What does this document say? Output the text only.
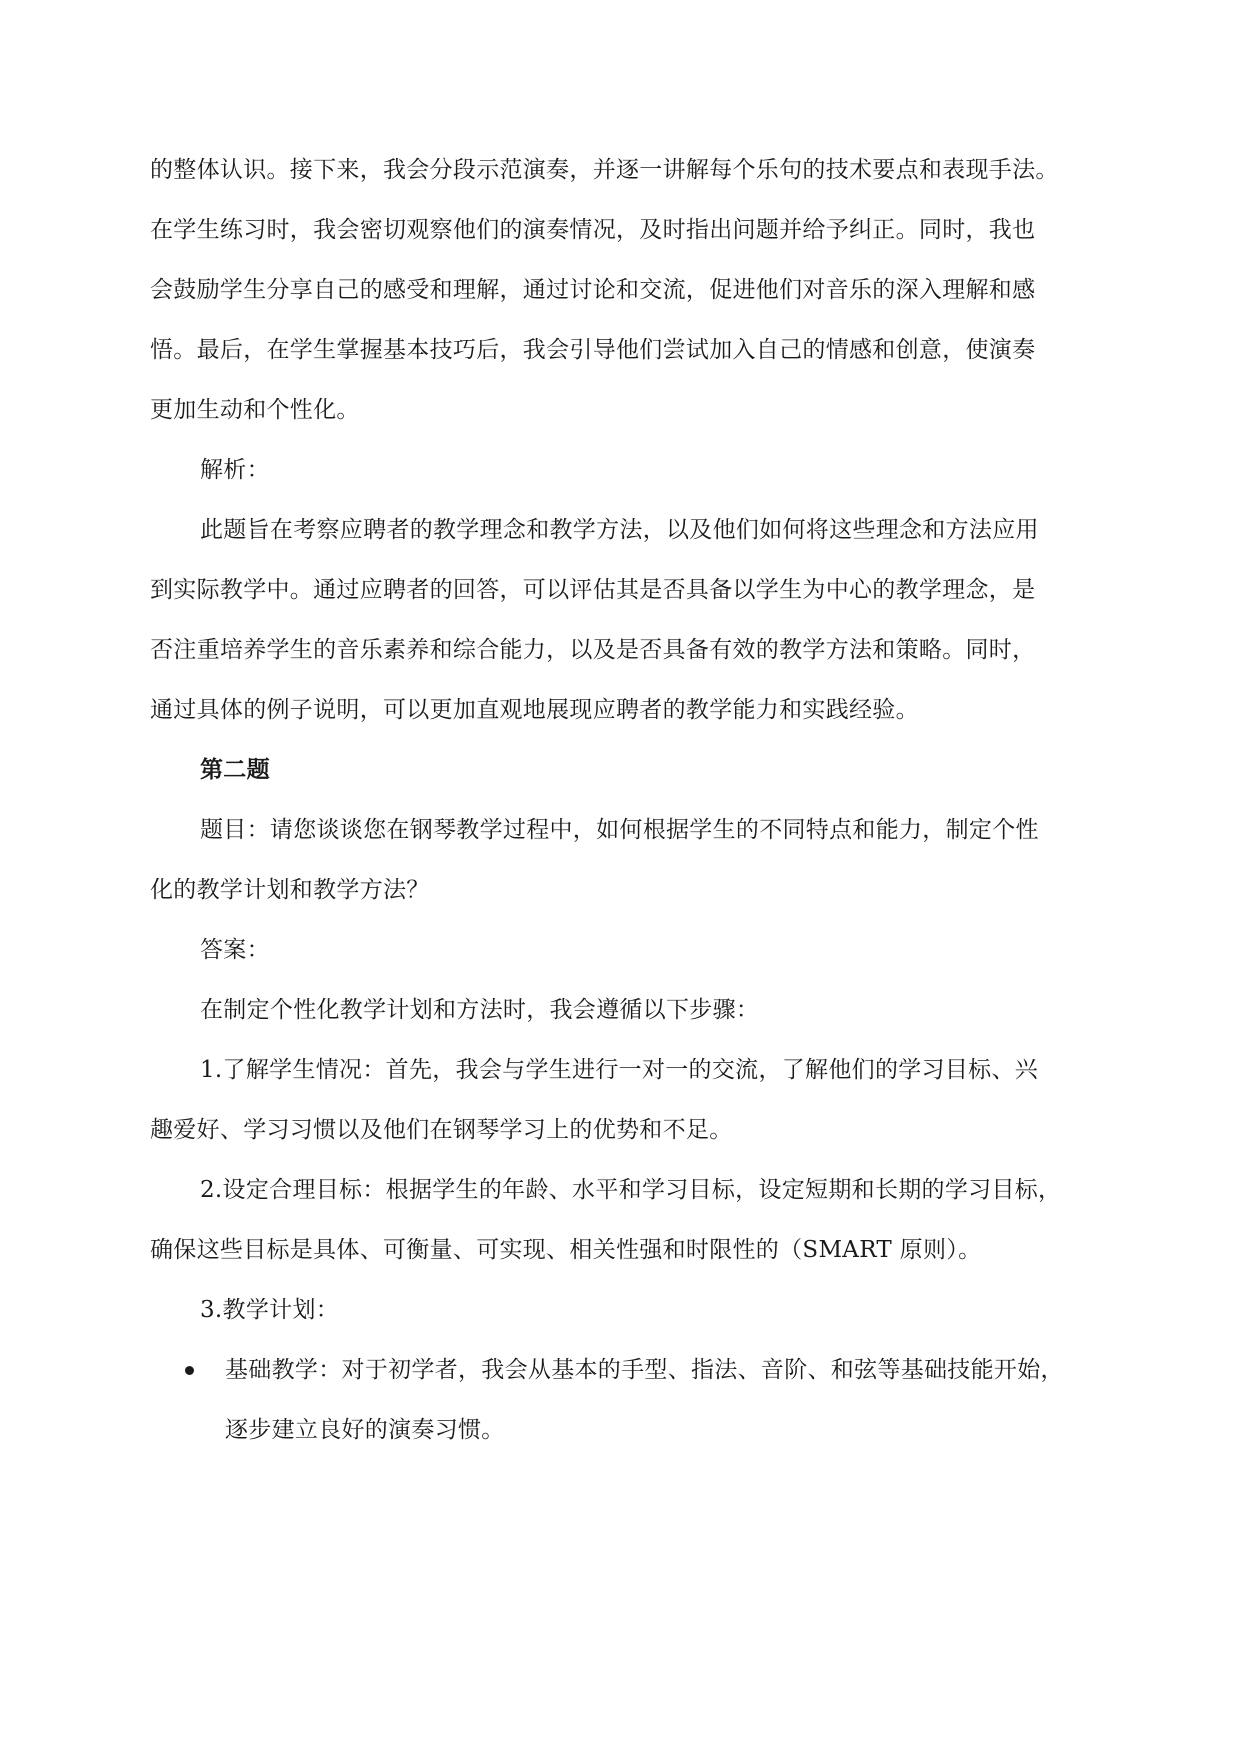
的整体认识。接下来，我会分段示范演奏，并逐一讲解每个乐句的技术要点和表现手法。
在学生练习时，我会密切观察他们的演奏情况，及时指出问题并给予纠正。同时，我也
会鼓励学生分享自己的感受和理解，通过讨论和交流，促进他们对音乐的深入理解和感
悟。最后，在学生掌握基本技巧后，我会引导他们尝试加入自己的情感和创意，使演奏
更加生动和个性化。
解析：
此题旨在考察应聘者的教学理念和教学方法，以及他们如何将这些理念和方法应用
到实际教学中。通过应聘者的回答，可以评估其是否具备以学生为中心的教学理念，是
否注重培养学生的音乐素养和综合能力，以及是否具备有效的教学方法和策略。同时，
通过具体的例子说明，可以更加直观地展现应聘者的教学能力和实践经验。
第二题
题目：请您谈谈您在钢琴教学过程中，如何根据学生的不同特点和能力，制定个性
化的教学计划和教学方法？
答案：
在制定个性化教学计划和方法时，我会遵循以下步骤：
1.了解学生情况：首先，我会与学生进行一对一的交流，了解他们的学习目标、兴
趣爱好、学习习惯以及他们在钢琴学习上的优势和不足。
2.设定合理目标：根据学生的年龄、水平和学习目标，设定短期和长期的学习目标，
确保这些目标是具体、可衡量、可实现、相关性强和时限性的（SMART 原则）。
3.教学计划：
基础教学：对于初学者，我会从基本的手型、指法、音阶、和弦等基础技能开始，
逐步建立良好的演奏习惯。
